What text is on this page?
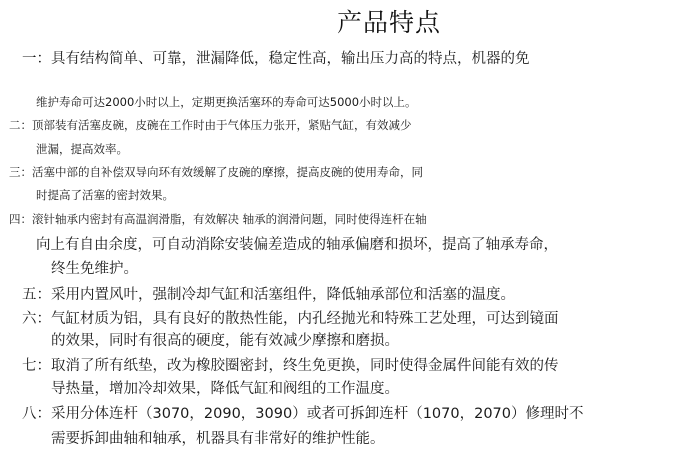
产品特点
一：具有结构简单、可靠，泄漏降低，稳定性高，输出压力高的特点，机器的免
维护寿命可达2000小时以上，定期更换活塞环的寿命可达5000小时以上。
二：顶部装有活塞皮碗，皮碗在工作时由于气体压力张开，紧贴气缸，有效减少
泄漏，提高效率。
三：活塞中部的自补偿双导向环有效缓解了皮碗的摩擦，提高皮碗的使用寿命，同
时提高了活塞的密封效果。
四：滚针轴承内密封有高温润滑脂，有效解决 轴承的润滑问题，同时使得连杆在轴
向上有自由余度，可自动消除安装偏差造成的轴承偏磨和损坏，提高了轴承寿命，
终生免维护。
五：采用内置风叶，强制冷却气缸和活塞组件，降低轴承部位和活塞的温度。
六：气缸材质为铝，具有良好的散热性能，内孔经抛光和特殊工艺处理，可达到镜面
的效果，同时有很高的硬度，能有效减少摩擦和磨损。
七：取消了所有纸垫，改为橡胶圈密封，终生免更换，同时使得金属件间能有效的传
导热量，增加冷却效果，降低气缸和阀组的工作温度。
八：采用分体连杆（3070，2090，3090）或者可拆卸连杆（1070，2070）修理时不
需要拆卸曲轴和轴承，机器具有非常好的维护性能。
